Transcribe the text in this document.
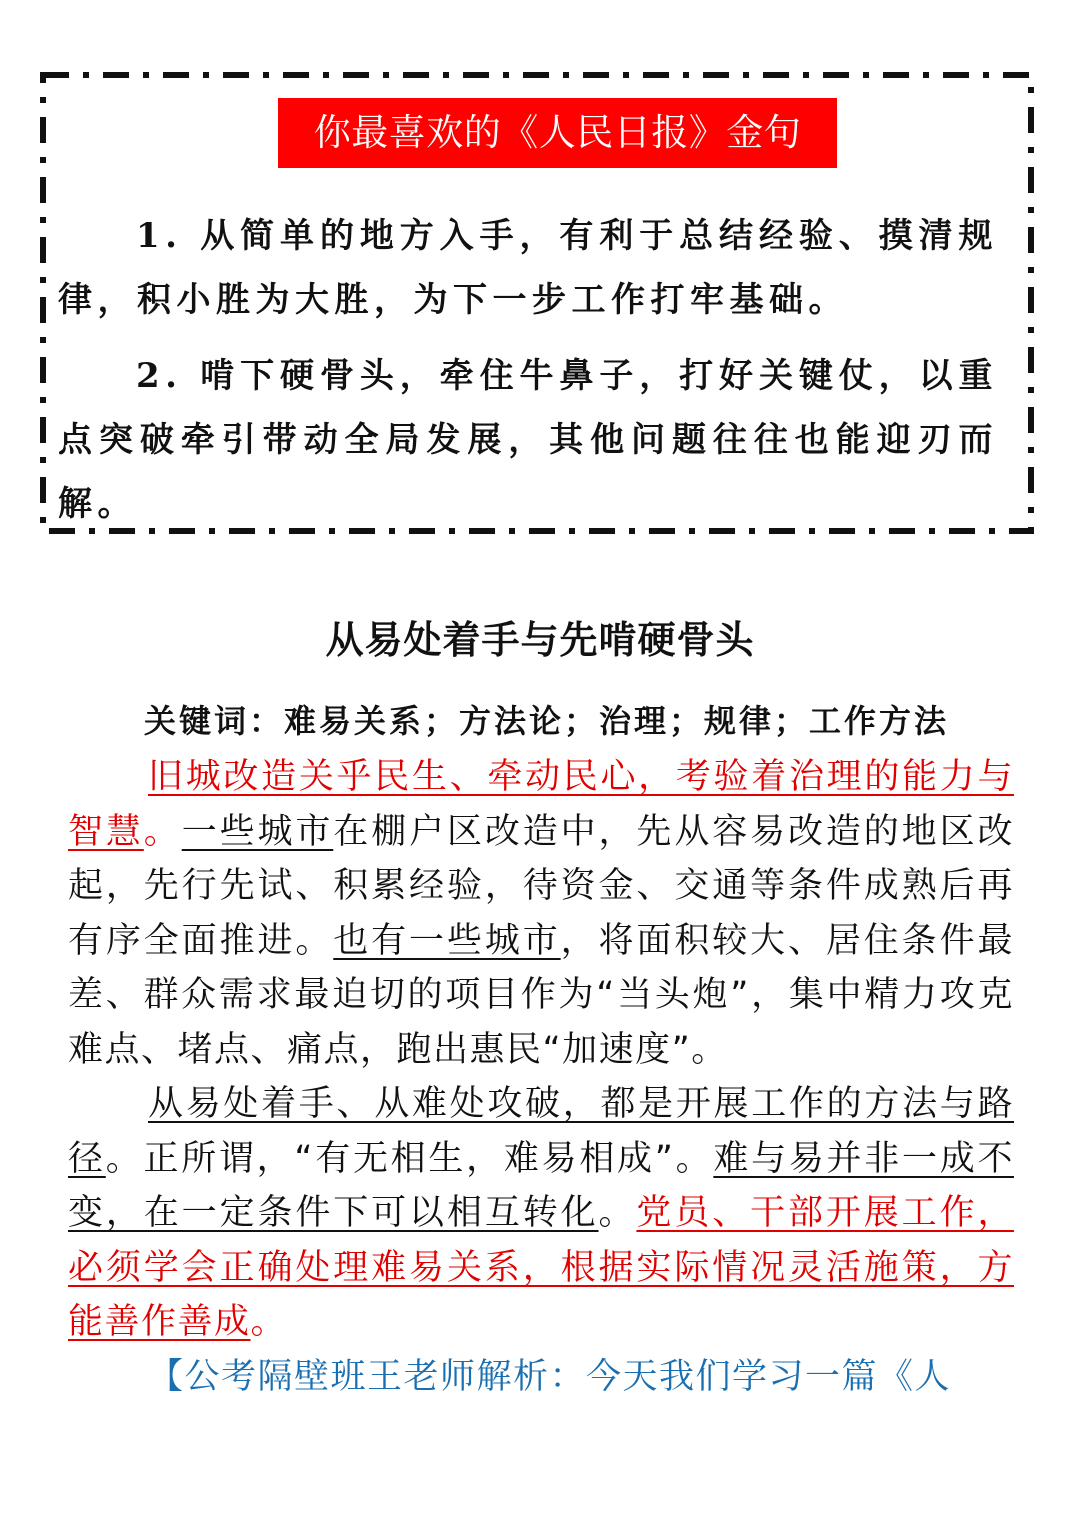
你最喜欢的《人民日报》金句

1. 从简单的地方入手，有利于总结经验、摸清规律，积小胜为大胜，为下一步工作打牢基础。

2. 啃下硬骨头，牵住牛鼻子，打好关键仗，以重点突破牵引带动全局发展，其他问题往往也能迎刃而解。

从易处着手与先啃硬骨头
关键词：难易关系；方法论；治理；规律；工作方法

旧城改造关乎民生、牵动民心，考验着治理的能力与智慧。一些城市在棚户区改造中，先从容易改造的地区改起，先行先试、积累经验，待资金、交通等条件成熟后再有序全面推进。也有一些城市，将面积较大、居住条件最差、群众需求最迫切的项目作为“当头炮”，集中精力攻克难点、堵点、痛点，跑出惠民“加速度”。

从易处着手、从难处攻破，都是开展工作的方法与路径。正所谓，“有无相生，难易相成”。难与易并非一成不变，在一定条件下可以相互转化。党员、干部开展工作，必须学会正确处理难易关系，根据实际情况灵活施策，方能善作善成。

【公考隔壁班王老师解析：今天我们学习一篇《人
